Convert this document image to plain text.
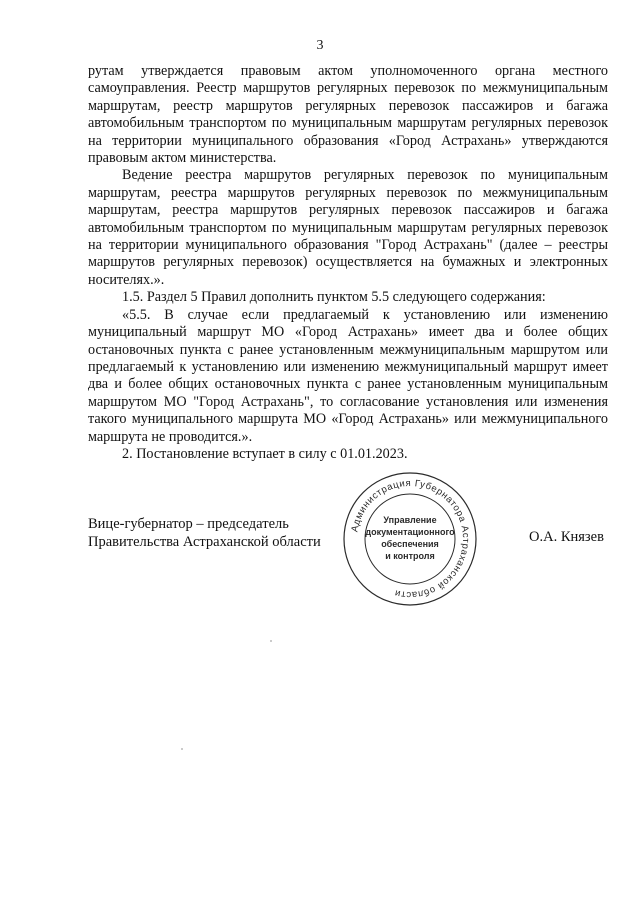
3

рутам утверждается правовым актом уполномоченного органа местного самоуправления. Реестр маршрутов регулярных перевозок по межмуниципальным маршрутам, реестр маршрутов регулярных перевозок пассажиров и багажа автомобильным транспортом по муниципальным маршрутам регулярных перевозок на территории муниципального образования «Город Астрахань» утверждаются правовым актом министерства.

Ведение реестра маршрутов регулярных перевозок по муниципальным маршрутам, реестра маршрутов регулярных перевозок по межмуниципальным маршрутам, реестра маршрутов регулярных перевозок пассажиров и багажа автомобильным транспортом по муниципальным маршрутам регулярных перевозок на территории муниципального образования "Город Астрахань" (далее – реестры маршрутов регулярных перевозок) осуществляется на бумажных и электронных носителях.».

1.5. Раздел 5 Правил дополнить пунктом 5.5 следующего содержания:

«5.5. В случае если предлагаемый к установлению или изменению муниципальный маршрут МО «Город Астрахань» имеет два и более общих остановочных пункта с ранее установленным межмуниципальным маршрутом или предлагаемый к установлению или изменению межмуниципальный маршрут имеет два и более общих остановочных пункта с ранее установленным муниципальным маршрутом МО "Город Астрахань", то согласование установления или изменения такого муниципального маршрута МО «Город Астрахань» или межмуниципального маршрута не проводится.».

2. Постановление вступает в силу с 01.01.2023.

Вице-губернатор – председатель
Правительства Астраханской области	О.А. Князев
Администрация Губернатора Астраханской области
Управление
документационного
обеспечения
и контроля
